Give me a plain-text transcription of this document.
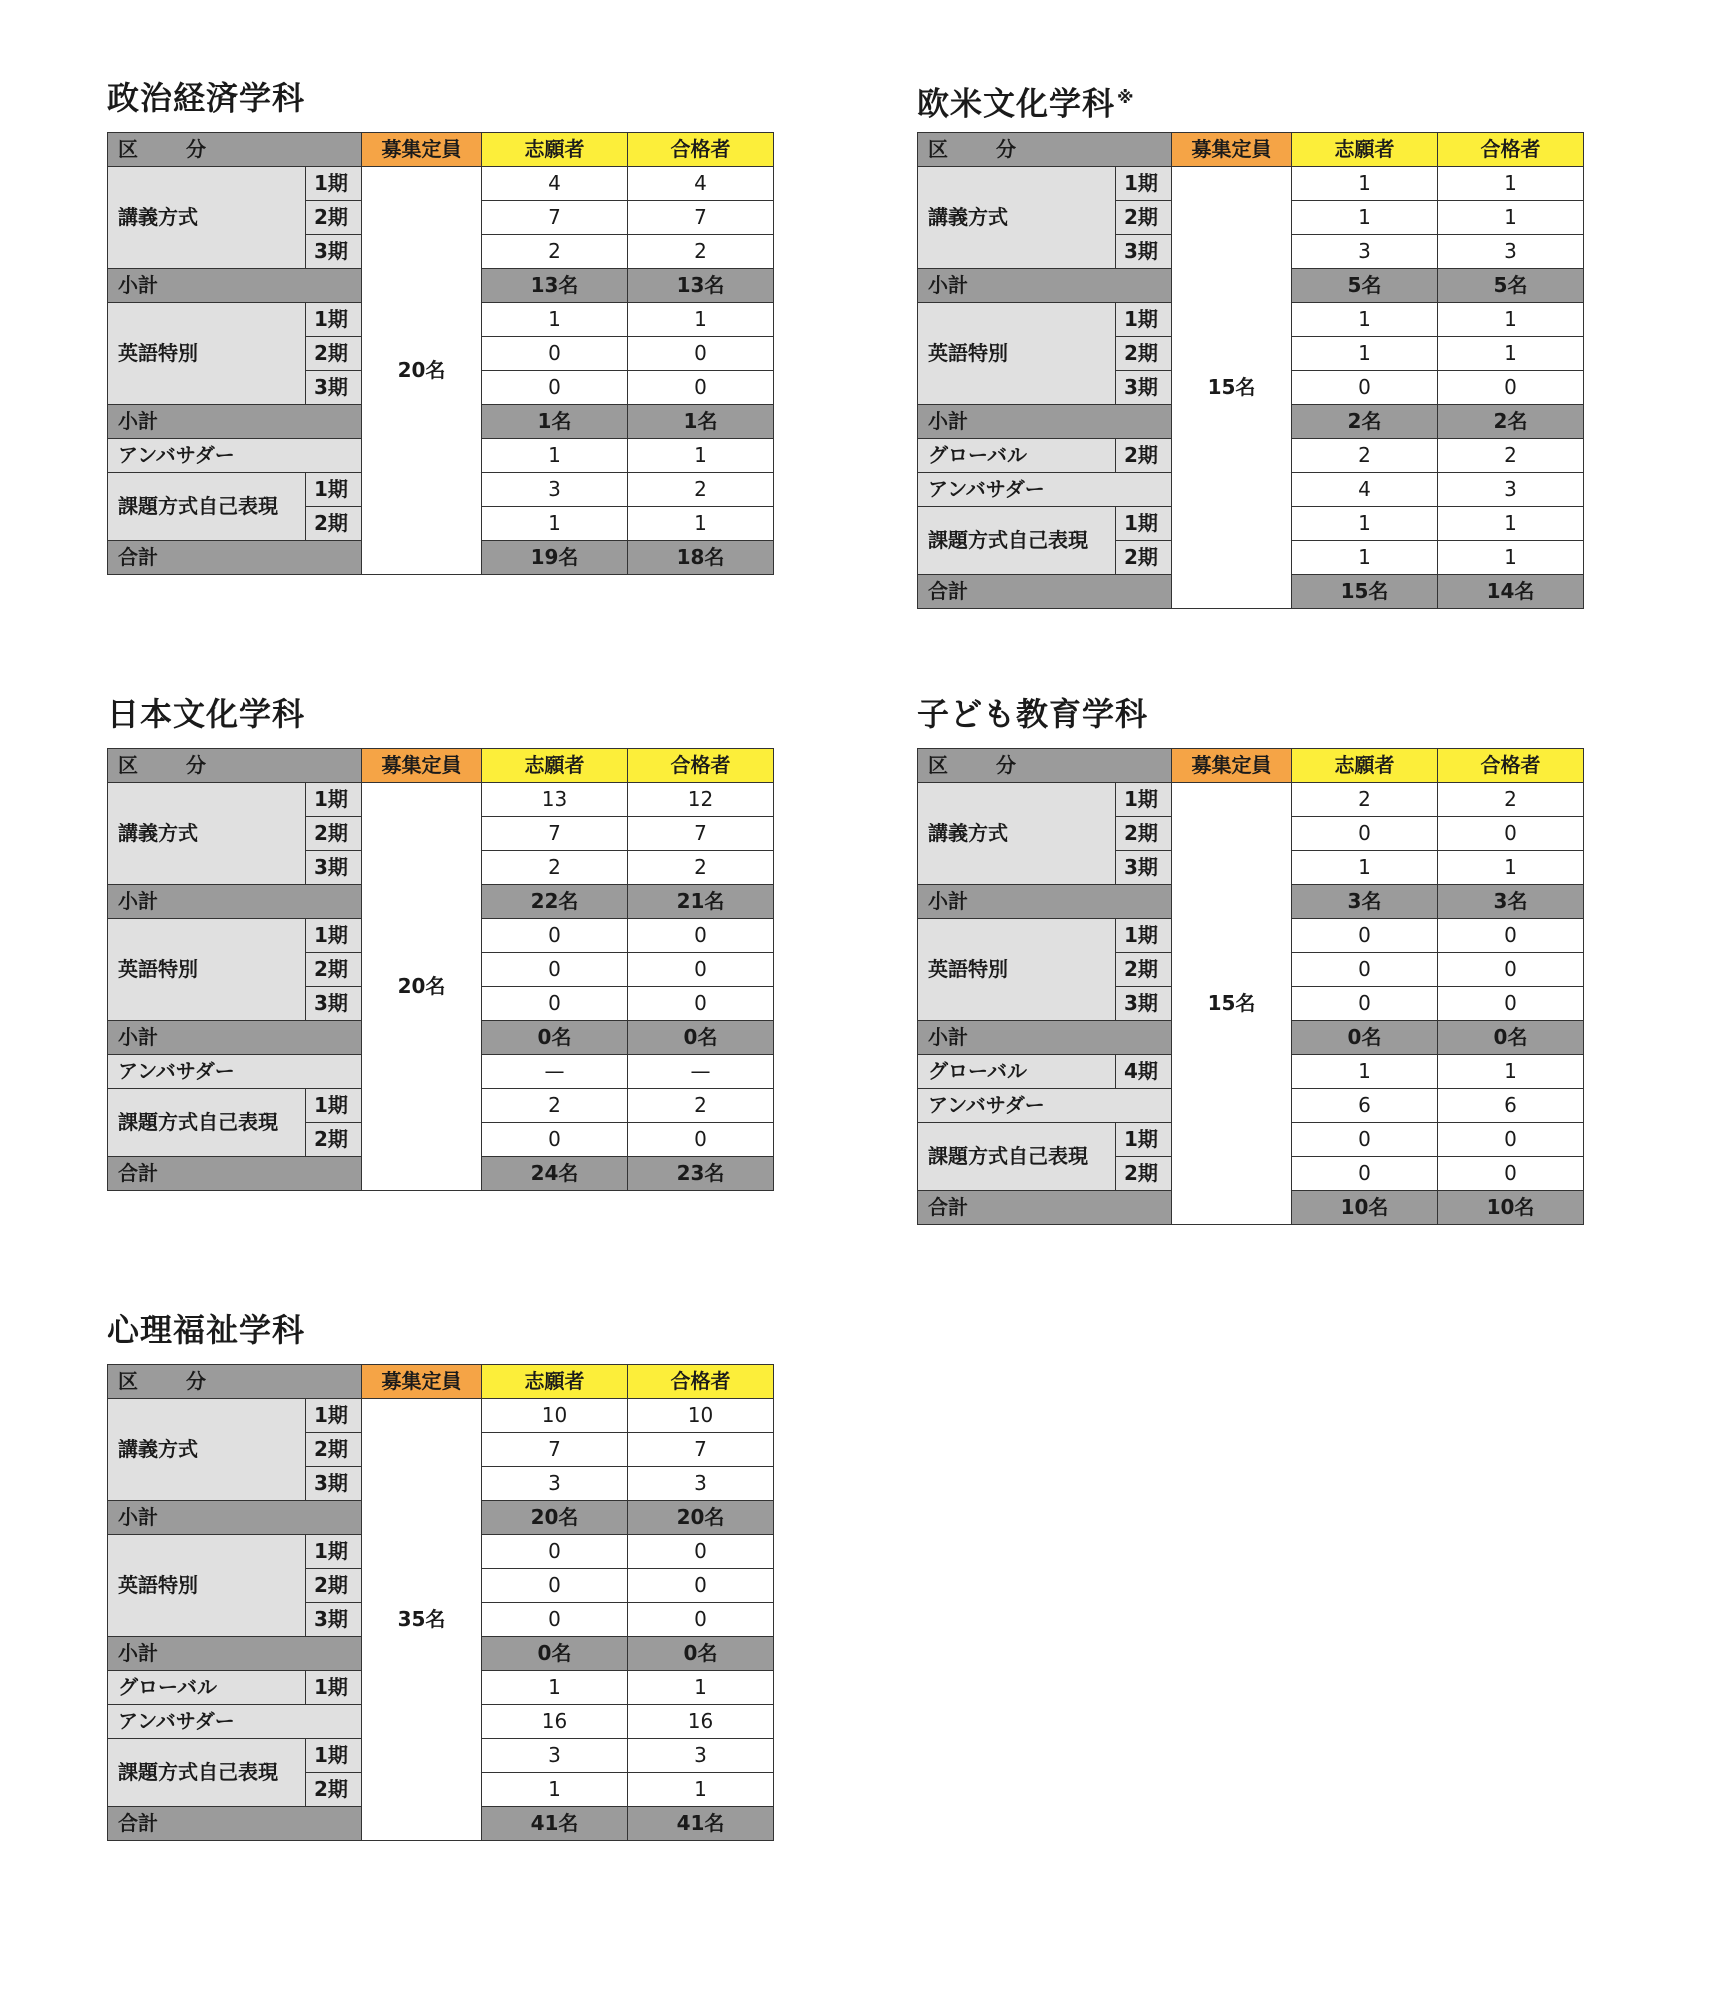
政治経済学科
区 分		募集定員	志願者	合格者
講義方式	1期	20名	4	4
	2期		7	7
	3期		2	2
小計			13名	13名
英語特別	1期		1	1
	2期		0	0
	3期		0	0
小計			1名	1名
アンバサダー			1	1
課題方式自己表現	1期		3	2
	2期		1	1
合計			19名	18名
欧米文化学科 ※
区 分		募集定員	志願者	合格者
講義方式	1期	15名	1	1
	2期		1	1
	3期		3	3
小計			5名	5名
英語特別	1期		1	1
	2期		1	1
	3期		0	0
小計			2名	2名
グローバル	2期		2	2
アンバサダー			4	3
課題方式自己表現	1期		1	1
	2期		1	1
合計			15名	14名
日本文化学科
区 分		募集定員	志願者	合格者
講義方式	1期	20名	13	12
	2期		7	7
	3期		2	2
小計			22名	21名
英語特別	1期		0	0
	2期		0	0
	3期		0	0
小計			0名	0名
アンバサダー			—	—
課題方式自己表現	1期		2	2
	2期		0	0
合計			24名	23名
子ども教育学科
区 分		募集定員	志願者	合格者
講義方式	1期	15名	2	2
	2期		0	0
	3期		1	1
小計			3名	3名
英語特別	1期		0	0
	2期		0	0
	3期		0	0
小計			0名	0名
グローバル	4期		1	1
アンバサダー			6	6
課題方式自己表現	1期		0	0
	2期		0	0
合計			10名	10名
心理福祉学科
区 分		募集定員	志願者	合格者
講義方式	1期	35名	10	10
	2期		7	7
	3期		3	3
小計			20名	20名
英語特別	1期		0	0
	2期		0	0
	3期		0	0
小計			0名	0名
グローバル	1期		1	1
アンバサダー			16	16
課題方式自己表現	1期		3	3
	2期		1	1
合計			41名	41名
